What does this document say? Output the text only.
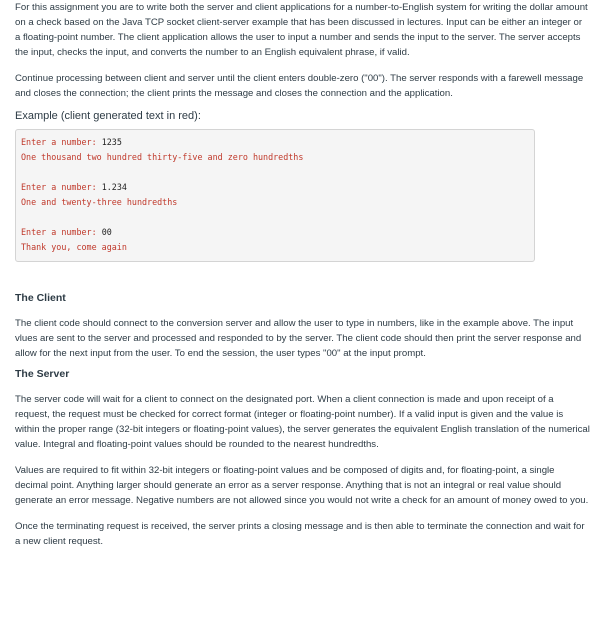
For this assignment you are to write both the server and client applications for a number-to-English system for writing the dollar amount on a check based on the Java TCP socket client-server example that has been discussed in lectures. Input can be either an integer or a floating-point number. The client application allows the user to input a number and sends the input to the server. The server accepts the input, checks the input, and converts the number to an English equivalent phrase, if valid.

Continue processing between client and server until the client enters double-zero ("00"). The server responds with a farewell message and closes the connection; the client prints the message and closes the connection and the application.

Example (client generated text in red):

Enter a number: 1235
One thousand two hundred thirty-five and zero hundredths
Enter a number: 1.234
One and twenty-three hundredths
Enter a number: 00
Thank you, come again
The Client

The client code should connect to the conversion server and allow the user to type in numbers, like in the example above. The input vlues are sent to the server and processed and responded to by the server. The client code should then print the server response and allow for the next input from the user. To end the session, the user types "00" at the input prompt.

The Server

The server code will wait for a client to connect on the designated port. When a client connection is made and upon receipt of a request, the request must be checked for correct format (integer or floating-point number). If a valid input is given and the value is within the proper range (32-bit integers or floating-point values), the server generates the equivalent English translation of the numerical value. Integral and floating-point values should be rounded to the nearest hundredths.

Values are required to fit within 32-bit integers or floating-point values and be composed of digits and, for floating-point, a single decimal point. Anything larger should generate an error as a server response. Anything that is not an integral or real value should generate an error message. Negative numbers are not allowed since you would not write a check for an amount of money owed to you.

Once the terminating request is received, the server prints a closing message and is then able to terminate the connection and wait for a new client request.
